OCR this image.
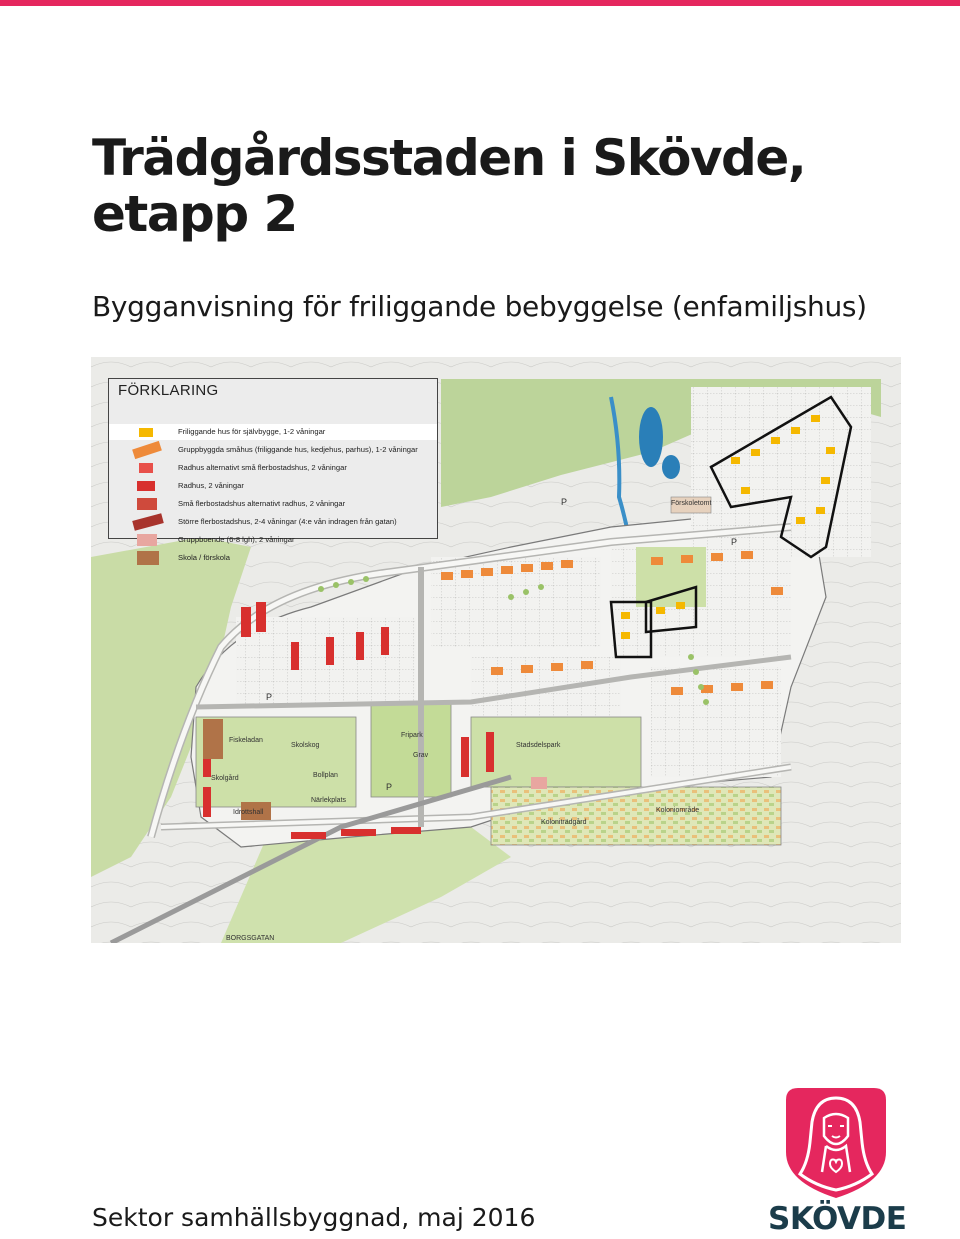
Trädgårdsstaden i Skövde,
etapp 2

Bygganvisning för friliggande bebyggelse (enfamiljshus)

FÖRKLARING
Friliggande hus för självbygge, 1-2 våningar
Gruppbyggda småhus (friliggande hus, kedjehus, parhus), 1-2 våningar
Radhus alternativt små flerbostadshus, 2 våningar
Radhus, 2 våningar
Små flerbostadshus alternativt radhus, 2 våningar
Större flerbostadshus, 2-4 våningar (4:e vån indragen från gatan)
Gruppboende (6-8 lgh), 2 våningar
Skola / förskola
Förskoletomt
Skolgård
Idrottshall
Skolskog
Bollplan
Närlekplats
Fripark
Grav
Stadsdelspark
Koloniträdgård
Koloniområde
Fiskeladan
BORGSGATAN
P
P
P
P

Sektor samhällsbyggnad, maj 2016	SKÖVDE
